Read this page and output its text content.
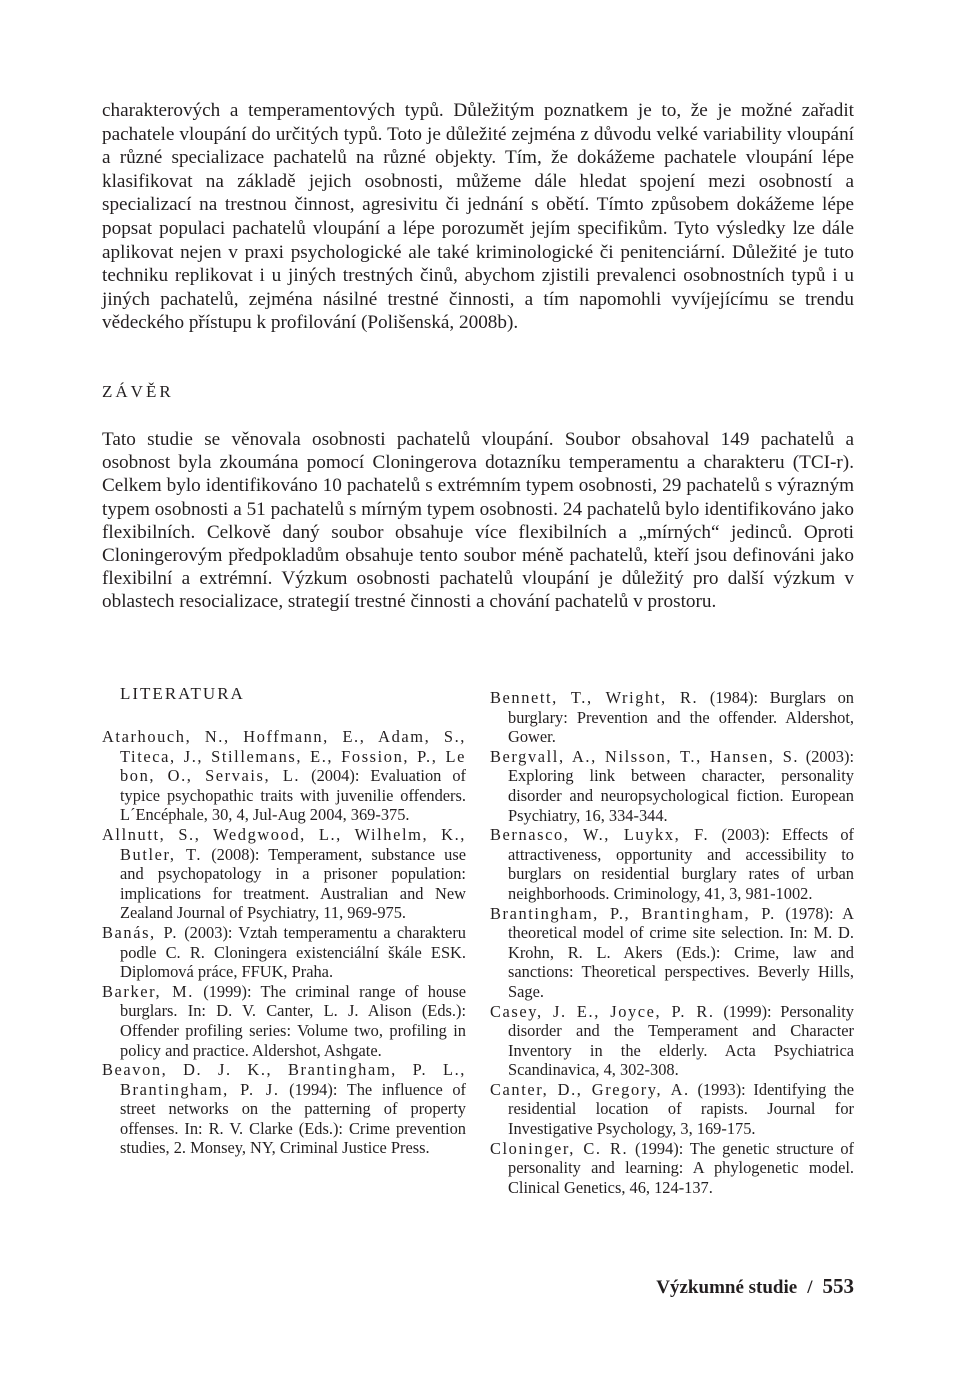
charakterových a temperamentových typů. Důležitým poznatkem je to, že je možné zařadit pachatele vloupání do určitých typů. Toto je důležité zejména z důvodu velké variability vloupání a různé specializace pachatelů na různé objekty. Tím, že dokážeme pachatele vloupání lépe klasifikovat na základě jejich osobnosti, můžeme dále hledat spojení mezi osobností a specializací na trestnou činnost, agresivitu či jednání s obětí. Tímto způsobem dokážeme lépe popsat populaci pachatelů vloupání a lépe porozumět jejím specifikům. Tyto výsledky lze dále aplikovat nejen v praxi psychologické ale také kriminologické či penitenciární. Důležité je tuto techniku replikovat i u jiných trestných činů, abychom zjistili prevalenci osobnostních typů i u jiných pachatelů, zejména násilné trestné činnosti, a tím napomohli vyvíjejícímu se trendu vědeckého přístupu k profilování (Polišenská, 2008b).

ZÁVĚR

Tato studie se věnovala osobnosti pachatelů vloupání. Soubor obsahoval 149 pachatelů a osobnost byla zkoumána pomocí Cloningerova dotazníku temperamentu a charakteru (TCI-r). Celkem bylo identifikováno 10 pachatelů s extrémním typem osobnosti, 29 pachatelů s výrazným typem osobnosti a 51 pachatelů s mírným typem osobnosti. 24 pachatelů bylo identifikováno jako flexibilních. Celkově daný soubor obsahuje více flexibilních a „mírných“ jedinců. Oproti Cloningerovým předpokladům obsahuje tento soubor méně pachatelů, kteří jsou definováni jako flexibilní a extrémní. Výzkum osobnosti pachatelů vloupání je důležitý pro další výzkum v oblastech resocializace, strategií trestné činnosti a chování pachatelů v prostoru.

LITERATURA
Atarhouch, N., Hoffmann, E., Adam, S., Titeca, J., Stillemans, E., Fossion, P., Le bon, O., Servais, L. (2004): Evaluation of typice psychopathic traits with juvenilie offenders. L´Encéphale, 30, 4, Jul-Aug 2004, 369-375.
Allnutt, S., Wedgwood, L., Wilhelm, K., Butler, T. (2008): Temperament, substance use and psychopatology in a prisoner population: implications for treatment. Australian and New Zealand Journal of Psychiatry, 11, 969-975.
Banás, P. (2003): Vztah temperamentu a charakteru podle C. R. Cloningera existenciální škále ESK. Diplomová práce, FFUK, Praha.
Barker, M. (1999): The criminal range of house burglars. In: D. V. Canter, L. J. Alison (Eds.): Offender profiling series: Volume two, profiling in policy and practice. Aldershot, Ashgate.
Beavon, D. J. K., Brantingham, P. L., Brantingham, P. J. (1994): The influence of street networks on the patterning of property offenses. In: R. V. Clarke (Eds.): Crime prevention studies, 2. Monsey, NY, Criminal Justice Press.
Bennett, T., Wright, R. (1984): Burglars on burglary: Prevention and the offender. Aldershot, Gower.
Bergvall, A., Nilsson, T., Hansen, S. (2003): Exploring link between character, personality disorder and neuropsychological fiction. European Psychiatry, 16, 334-344.
Bernasco, W., Luykx, F. (2003): Effects of attractiveness, opportunity and accessibility to burglars on residential burglary rates of urban neighborhoods. Criminology, 41, 3, 981-1002.
Brantingham, P., Brantingham, P. (1978): A theoretical model of crime site selection. In: M. D. Krohn, R. L. Akers (Eds.): Crime, law and sanctions: Theoretical perspectives. Beverly Hills, Sage.
Casey, J. E., Joyce, P. R. (1999): Personality disorder and the Temperament and Character Inventory in the elderly. Acta Psychiatrica Scandinavica, 4, 302-308.
Canter, D., Gregory, A. (1993): Identifying the residential location of rapists. Journal for Investigative Psychology, 3, 169-175.
Cloninger, C. R. (1994): The genetic structure of personality and learning: A phylogenetic model. Clinical Genetics, 46, 124-137.
Výzkumné studie / 553
